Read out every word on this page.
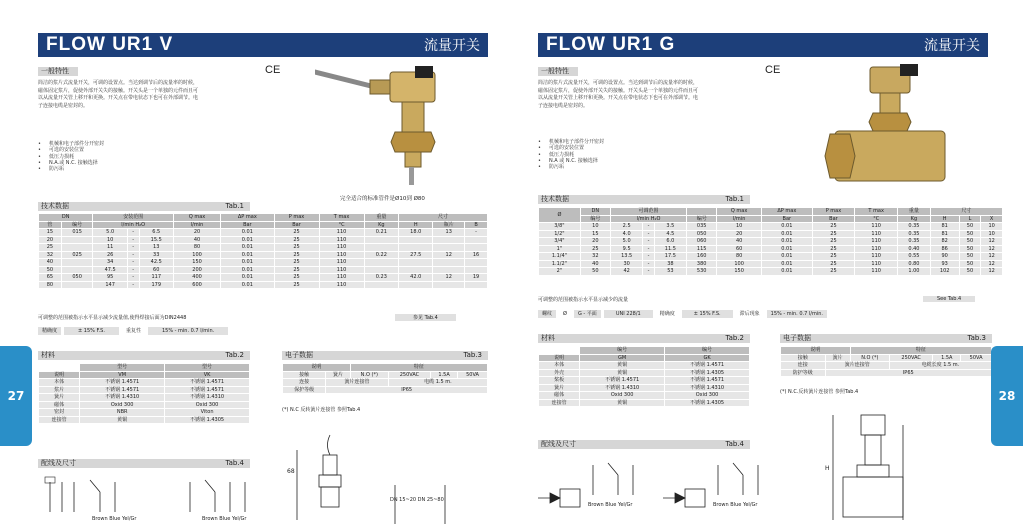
FLOW UR1 V	流量开关
一般特性	CE
简洁的浆片式流量开关，可调的设置点。当达到调节后的流量率的时候，
磁体固定浆片，促使外部开关失的接触。开关头是一个单独的元件而且可
以从流量开关管上移开和更换。开关点在带电状态下也可在外部调节。电
子连接电缆是密封的。
• 机械和电子部件分开密封
• 可选的安装位置
• 低压力损耗
• N.A.或 N.C. 接触选择
• 防污垢
完全适合的标准管件是Ø10到 Ø80
技术数据	Tab.1
DN		安装范围			Q max	ΔP max	P max	T max	重量	尺寸		
管	编号	l/min H₂O			l/min	Bar	Bar	°C	Kg	H	瓶片	B
15	015	5.0	-	6.5	20	0.01	25	110	0.21	18.0	13	-
20		10	-	15.5	40	0.01	25	110				
25		11	-	13	80	0.01	25	110				
32	025	26	-	33	100	0.01	25	110	0.22	27.5	12	16
40		34	-	42.5	150	0.01	25	110				
50		47.5	-	60	200	0.01	25	110				
65	050	95	-	117	400	0.01	25	110	0.23	42.0	12	19
80		147	-	179	600	0.01	25	110				
可调整的范围被指示水平显示减少流量值,使得焊接后面为DIN2448	参见 Tab.4
精确度	± 15% F.S.	重复性	15% - min. 0.7 l/min.
材料	Tab.2
	型号	型号
说明	VM	VK
本体	不锈钢 1.4571	不锈钢 1.4571
浆片	不锈钢 1.4571	不锈钢 1.4571
簧片	不锈钢 1.4310	不锈钢 1.4310
磁体	Oxid 300	Oxid 300
密封	NBR	Viton
连接管	黄铜	不锈钢 1.4305
电子数据	Tab.3
说明		特征			
接触	簧片	N.O (*)	250VAC	1.5A	50VA
连接	簧片连接管		电缆 1.5 m.		
保护等级	IP65				
(*) N.C 反转簧片连接管 参照Tab.4
配线及尺寸	Tab.4
Brown Blue Yel/Gr	Brown Blue Yel/Gr
68
DN 15~20 DN 25~80
27
FLOW UR1 G	流量开关
一般特性	CE
简洁的浆片式流量开关，可调的设置点。当达到调节后的流量率的时候，
磁体固定浆片，促使外部开关失的接触。开关头是一个单独的元件而且可
以从流量开关管上移开和更换。开关点在带电状态下也可在外部调节。电
子连接电缆是密封的。
• 机械和电子部件分开密封
• 可选的安装位置
• 低压力损耗
• N.A 或 N.C. 接触选择
• 防污垢
技术数据	Tab.1
Ø	DN	可调范围				Q max	ΔP max	P max	T max	重量	尺寸		
	编号	l/min H₂O			编号	l/min	Bar	Bar	°C	Kg	H	L	X
3/8"	10	2.5	-	3.5	035	10	0.01	25	110	0.35	81	50	10
1/2"	15	4.0	-	4.5	050	20	0.01	25	110	0.35	81	50	10
3/4"	20	5.0	-	6.0	060	40	0.01	25	110	0.35	82	50	12
1"	25	9.5	-	11.5	115	60	0.01	25	110	0.40	86	50	12
1.1/4"	32	13.5	-	17.5	160	80	0.01	25	110	0.55	90	50	12
1.1/2"	40	30	-	38	380	100	0.01	25	110	0.80	93	50	12
2"	50	42	-	53	530	150	0.01	25	110	1.00	102	50	12
可调整的范围被指示水平显示减少的流量	See Tab.4
螺纹	Ø	G - 平面	UNI 228/1	精确度	± 15% F.S.	滞后现象	15% - min. 0.7 l/min.
材料	Tab.2
	编号	编号
说明	GM	GK
本体	黄铜	不锈钢 1.4571
外壳	黄铜	不锈钢 1.4305
桨板	不锈钢 1.4571	不锈钢 1.4571
簧片	不锈钢 1.4310	不锈钢 1.4310
磁体	Oxid 300	Oxid 300
连接管	黄铜	不锈钢 1.4305
电子数据	Tab.3
说明		特征			
接触	簧片	N.O (*)	250VAC	1.5A	50VA
连接	簧片连接管		电缆长度 1.5 m.		
防护等级	IP65				
(*) N.C.反转簧片连接管 参照Tab.4
配线及尺寸	Tab.4
Brown Blue Yel/Gr	Brown Blue Yel/Gr
H
28
